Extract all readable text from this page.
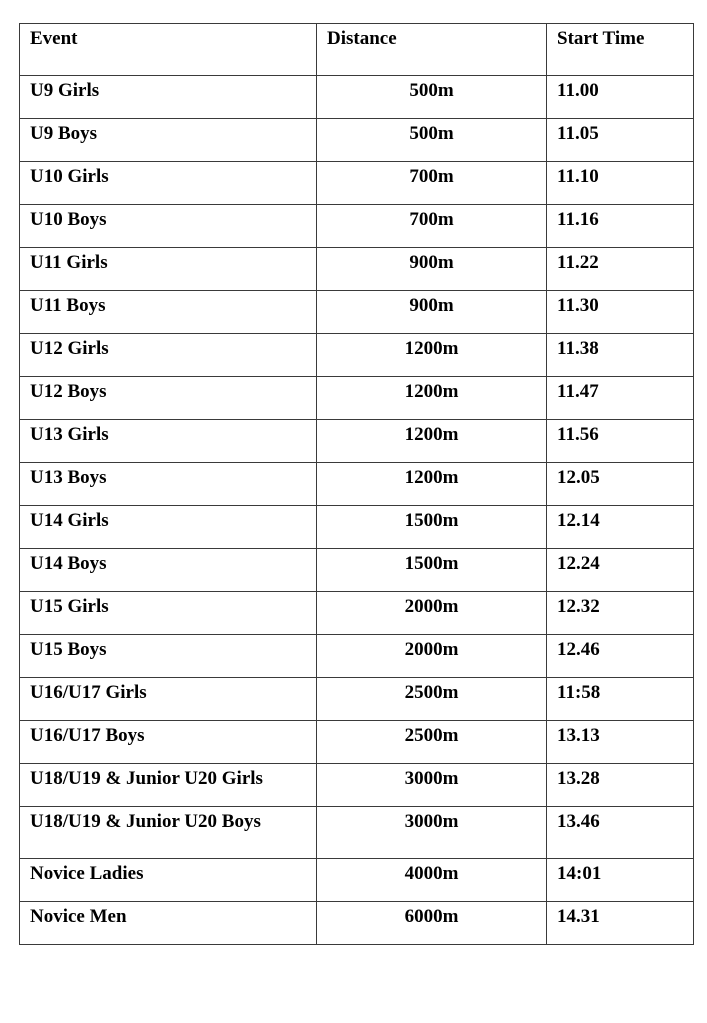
Event	Distance	Start Time
U9 Girls	500m	11.00
U9 Boys	500m	11.05
U10 Girls	700m	11.10
U10 Boys	700m	11.16
U11 Girls	900m	11.22
U11 Boys	900m	11.30
U12 Girls	1200m	11.38
U12 Boys	1200m	11.47
U13 Girls	1200m	11.56
U13 Boys	1200m	12.05
U14 Girls	1500m	12.14
U14 Boys	1500m	12.24
U15 Girls	2000m	12.32
U15 Boys	2000m	12.46
U16/U17 Girls	2500m	11:58
U16/U17 Boys	2500m	13.13
U18/U19 & Junior U20 Girls	3000m	13.28
U18/U19 & Junior U20 Boys	3000m	13.46
Novice Ladies	4000m	14:01
Novice Men	6000m	14.31
